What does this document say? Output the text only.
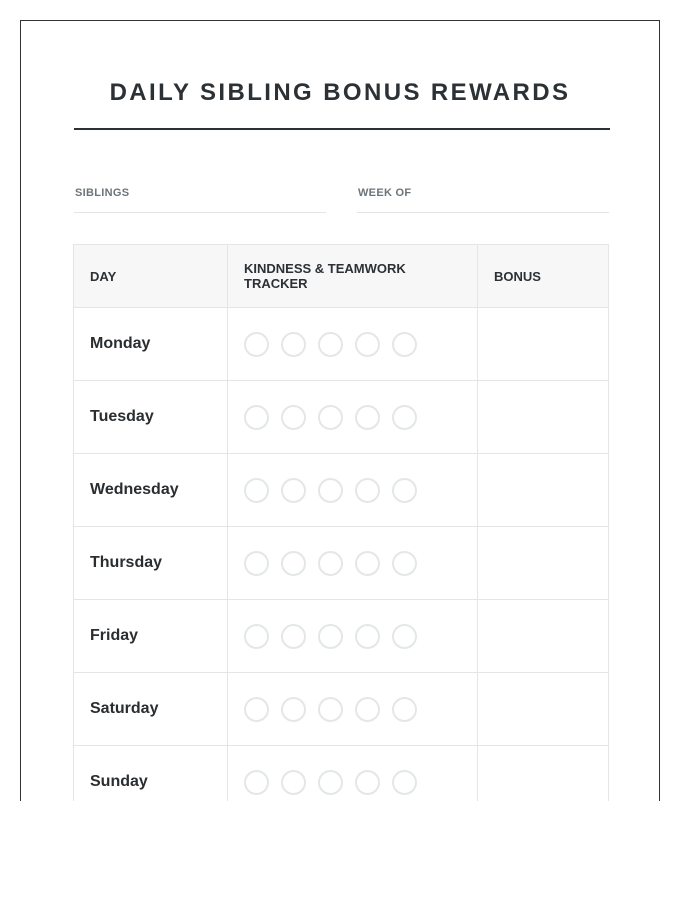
DAILY SIBLING BONUS REWARDS
SIBLINGS	WEEK OF
DAY	KINDNESS & TEAMWORK TRACKER	BONUS
Monday	

Tuesday	

Wednesday	

Thursday	

Friday	

Saturday	

Sunday	
